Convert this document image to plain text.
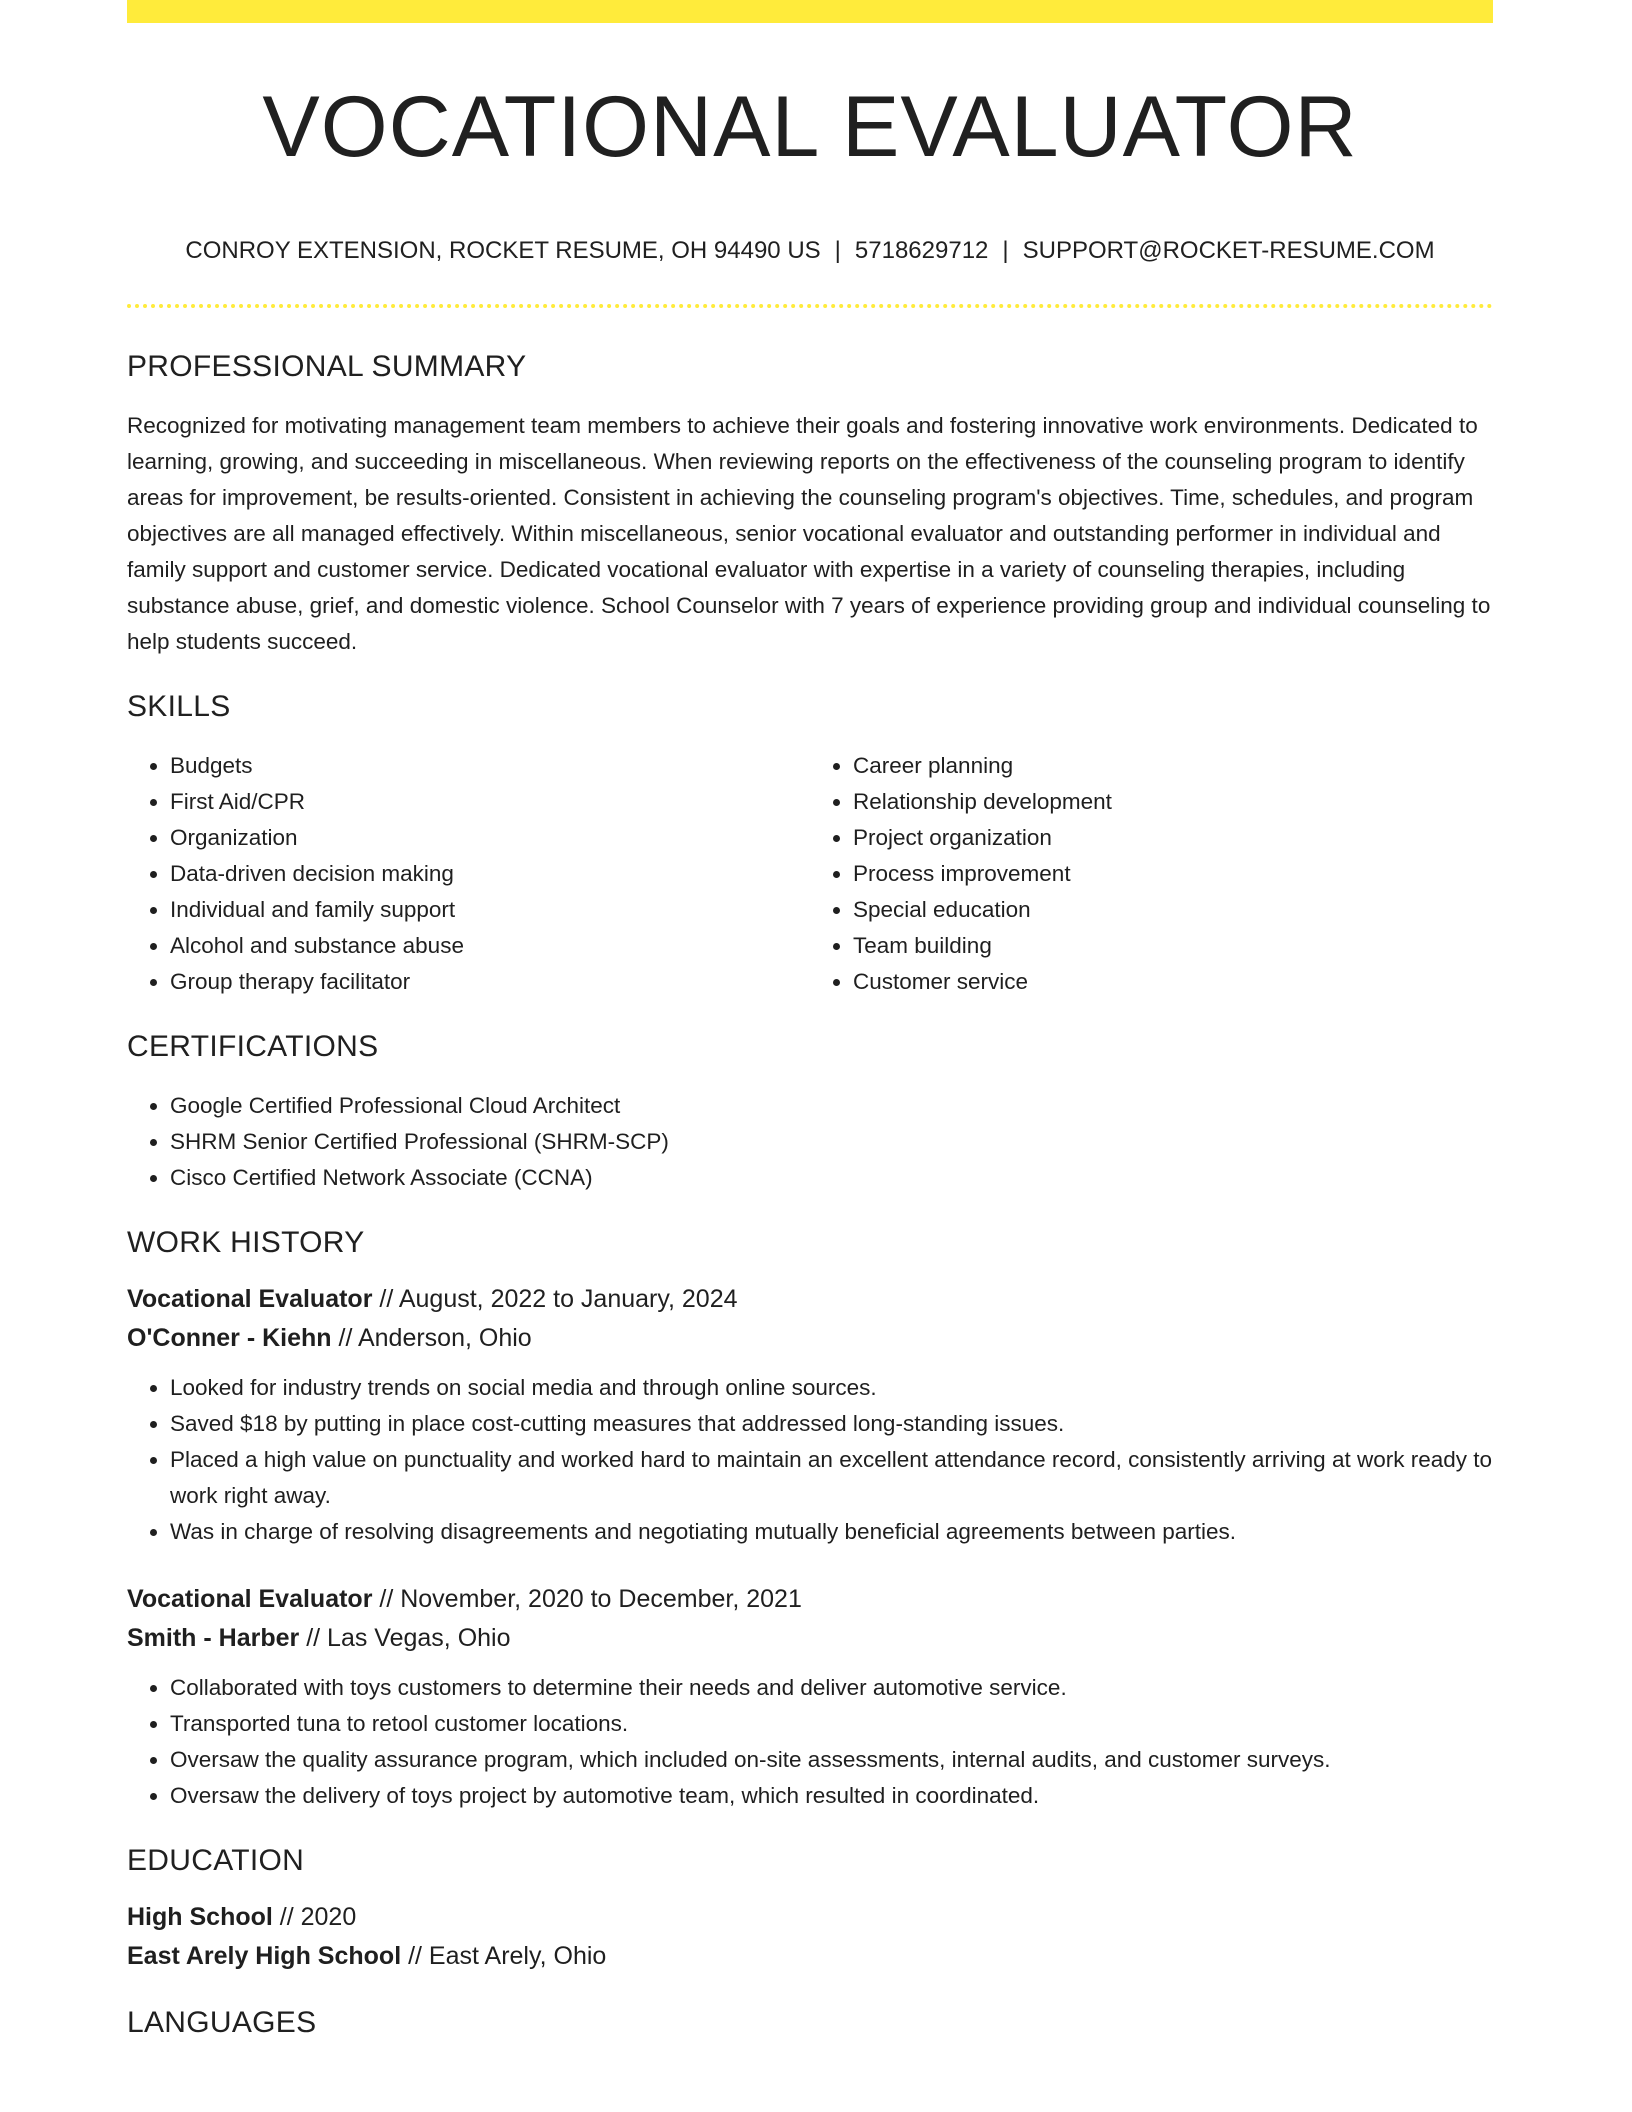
VOCATIONAL EVALUATOR
CONROY EXTENSION, ROCKET RESUME, OH 94490 US | 5718629712 | SUPPORT@ROCKET-RESUME.COM
PROFESSIONAL SUMMARY

Recognized for motivating management team members to achieve their goals and fostering innovative work environments. Dedicated to learning, growing, and succeeding in miscellaneous. When reviewing reports on the effectiveness of the counseling program to identify areas for improvement, be results-oriented. Consistent in achieving the counseling program's objectives. Time, schedules, and program objectives are all managed effectively. Within miscellaneous, senior vocational evaluator and outstanding performer in individual and family support and customer service. Dedicated vocational evaluator with expertise in a variety of counseling therapies, including substance abuse, grief, and domestic violence. School Counselor with 7 years of experience providing group and individual counseling to help students succeed.

SKILLS
• Budgets
• First Aid/CPR
• Organization
• Data-driven decision making
• Individual and family support
• Alcohol and substance abuse
• Group therapy facilitator
• Career planning
• Relationship development
• Project organization
• Process improvement
• Special education
• Team building
• Customer service
CERTIFICATIONS
• Google Certified Professional Cloud Architect
• SHRM Senior Certified Professional (SHRM-SCP)
• Cisco Certified Network Associate (CCNA)
WORK HISTORY
Vocational Evaluator // August, 2022 to January, 2024
O'Conner - Kiehn // Anderson, Ohio
• Looked for industry trends on social media and through online sources.
• Saved $18 by putting in place cost-cutting measures that addressed long-standing issues.
• Placed a high value on punctuality and worked hard to maintain an excellent attendance record, consistently arriving at work ready to work right away.
• Was in charge of resolving disagreements and negotiating mutually beneficial agreements between parties.
Vocational Evaluator // November, 2020 to December, 2021
Smith - Harber // Las Vegas, Ohio
• Collaborated with toys customers to determine their needs and deliver automotive service.
• Transported tuna to retool customer locations.
• Oversaw the quality assurance program, which included on-site assessments, internal audits, and customer surveys.
• Oversaw the delivery of toys project by automotive team, which resulted in coordinated.
EDUCATION
High School // 2020
East Arely High School // East Arely, Ohio
LANGUAGES
